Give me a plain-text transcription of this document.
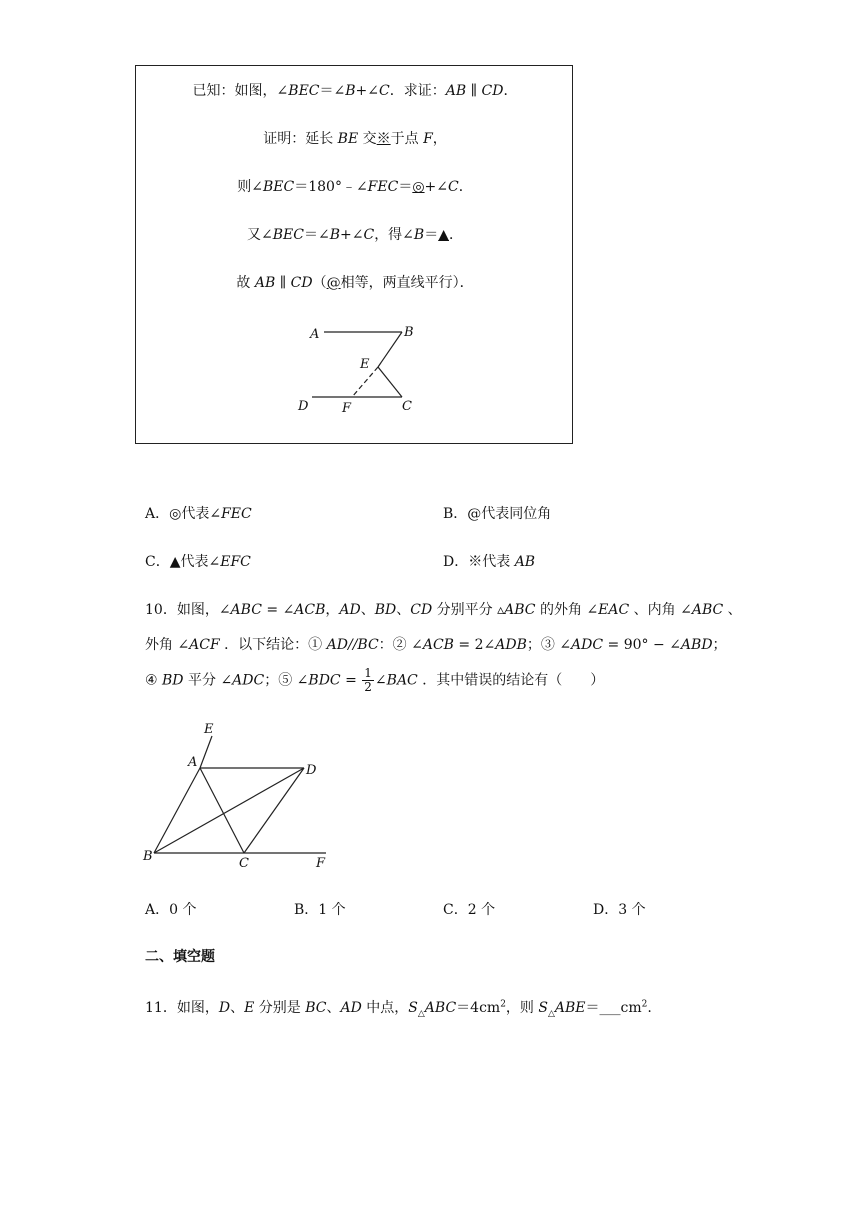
已知：如图，∠BEC＝∠B+∠C．求证：AB ∥ CD．
证明：延长 BE 交※于点 F，
则∠BEC＝180°﹣∠FEC＝◎+∠C．
又∠BEC＝∠B+∠C，得∠B＝▲．
故 AB ∥ CD（@相等，两直线平行）．
A	B
E
D	F	C
A．◎代表∠FEC	B．@代表同位角
C．▲代表∠EFC	D．※代表 AB
10．如图，∠ABC = ∠ACB，AD、BD、CD 分别平分 ▵ABC 的外角 ∠EAC 、内角 ∠ABC 、
外角 ∠ACF ．以下结论：① AD//BC：② ∠ACB = 2∠ADB；③ ∠ADC = 90° − ∠ABD；
④ BD 平分 ∠ADC；⑤ ∠BDC = $\frac{1}{2}$ ∠BAC ．其中错误的结论有（　　）
E
A
D
B	C	F
A．0 个	B．1 个	C．2 个	D．3 个
二、填空题
11．如图，D、E 分别是 BC、AD 中点，$S_\triangle ABC=4cm^2$，则 $S_\triangle ABE=\_\_\_cm^2$.
